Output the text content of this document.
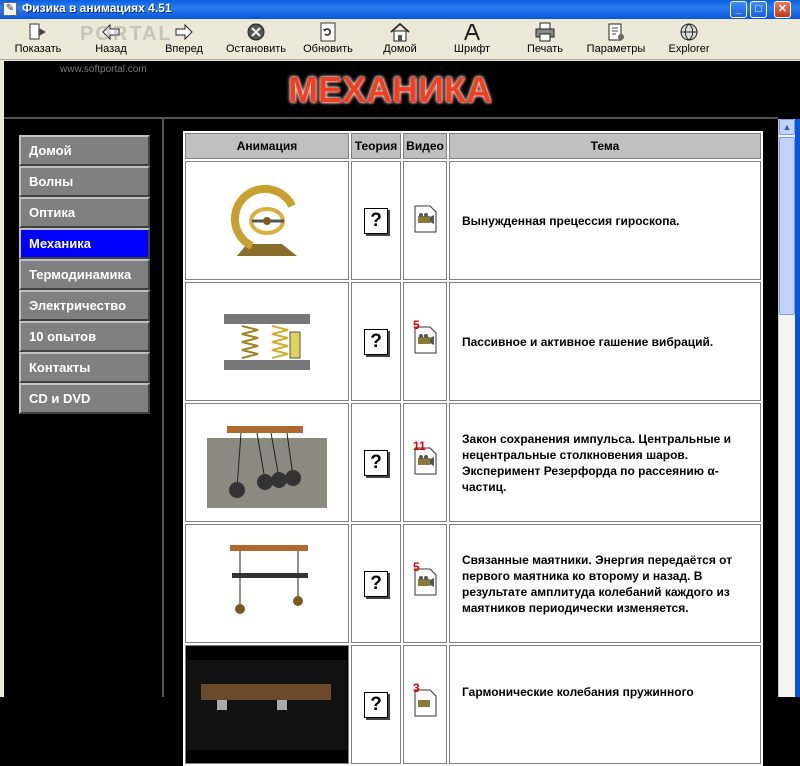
✎ Физика в анимациях 4.51	_	□	✕
Показать	Назад	Вперед Остановить Обновить	Домой	Шрифт	Печать	Параметры	Explorer
МЕХАНИКА
PORTAL
www.softportal.com
Домой
Волны
Оптика
Механика
Термодинамика
Электричество
10 опытов
Контакты
CD и DVD
Анимация	Теория	Видео	Тема

	?		Вынужденная прецессия гироскопа.

	?	5	Пассивное и активное гашение вибраций.

	?	11	Закон сохранения импульса. Центральные и нецентральные столкновения шаров. Эксперимент Резерфорда по рассеянию α-частиц.

	?	5	Связанные маятники. Энергия передаётся от первого маятника ко второму и назад. В результате амплитуда колебаний каждого из маятников периодически изменяется.

	?	3	Гармонические колебания пружинного
▲
